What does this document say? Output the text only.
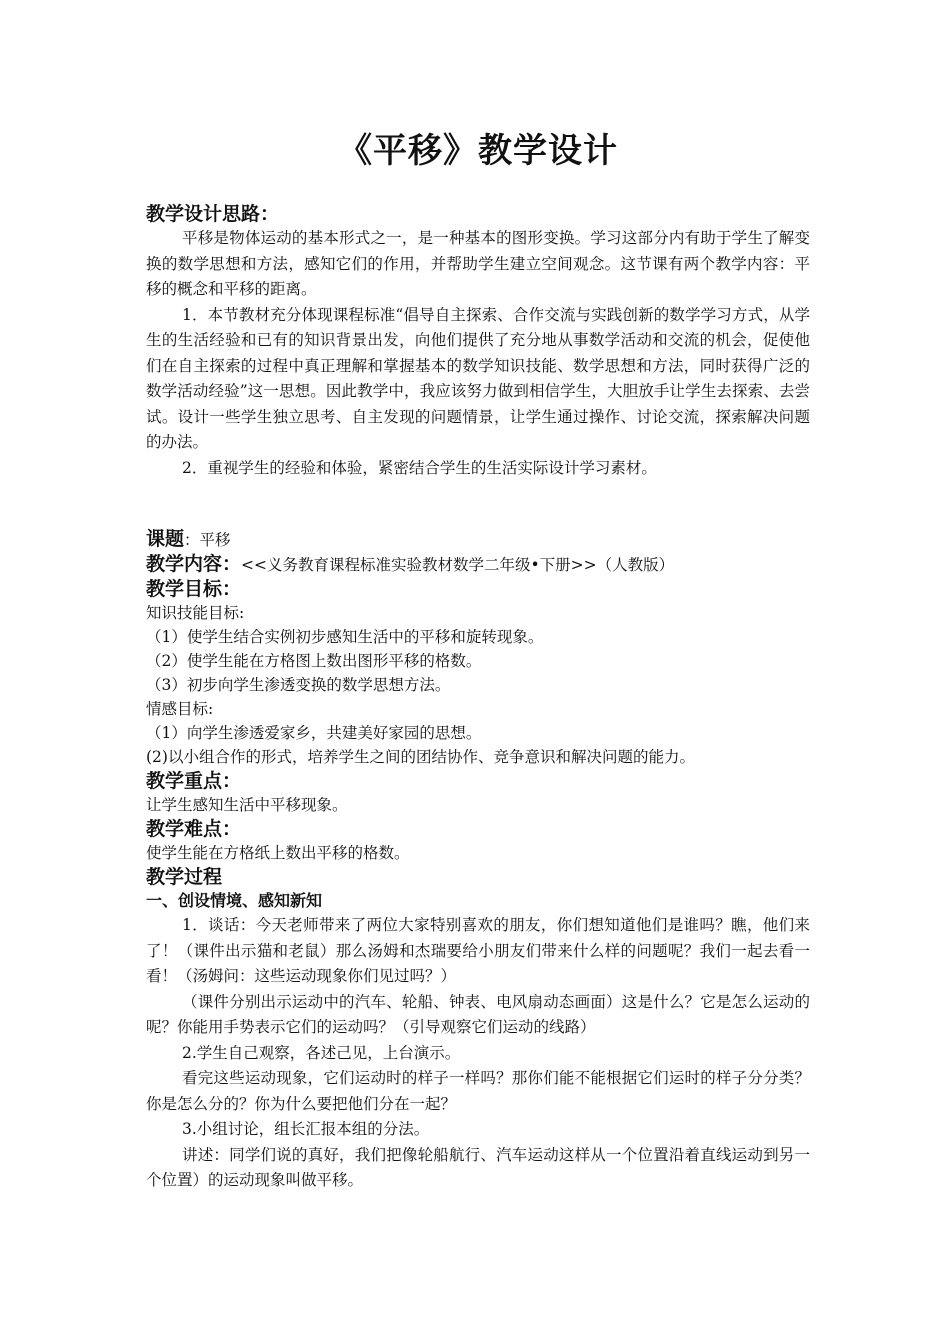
《平移》教学设计
教学设计思路：

平移是物体运动的基本形式之一，是一种基本的图形变换。学习这部分内有助于学生了解变换的数学思想和方法，感知它们的作用，并帮助学生建立空间观念。这节课有两个教学内容：平移的概念和平移的距离。

1．本节教材充分体现课程标准“倡导自主探索、合作交流与实践创新的数学学习方式，从学生的生活经验和已有的知识背景出发，向他们提供了充分地从事数学活动和交流的机会，促使他们在自主探索的过程中真正理解和掌握基本的数学知识技能、数学思想和方法，同时获得广泛的数学活动经验”这一思想。因此教学中，我应该努力做到相信学生，大胆放手让学生去探索、去尝试。设计一些学生独立思考、自主发现的问题情景，让学生通过操作、讨论交流，探索解决问题的办法。

2．重视学生的经验和体验，紧密结合学生的生活实际设计学习素材。

课题：平移
教学内容：<<义务教育课程标准实验教材数学二年级•下册>>（人教版）
教学目标：
知识技能目标:
（1）使学生结合实例初步感知生活中的平移和旋转现象。
（2）使学生能在方格图上数出图形平移的格数。
（3）初步向学生渗透变换的数学思想方法。
情感目标:
（1）向学生渗透爱家乡，共建美好家园的思想。
(2)以小组合作的形式，培养学生之间的团结协作、竞争意识和解决问题的能力。
教学重点：
让学生感知生活中平移现象。
教学难点：
使学生能在方格纸上数出平移的格数。
教学过程
一、创设情境、感知新知

1．谈话：今天老师带来了两位大家特别喜欢的朋友，你们想知道他们是谁吗？瞧，他们来了！（课件出示猫和老鼠）那么汤姆和杰瑞要给小朋友们带来什么样的问题呢？我们一起去看一看！（汤姆问：这些运动现象你们见过吗？）

（课件分别出示运动中的汽车、轮船、钟表、电风扇动态画面）这是什么？它是怎么运动的呢？你能用手势表示它们的运动吗？（引导观察它们运动的线路）

2.学生自己观察，各述己见，上台演示。

看完这些运动现象，它们运动时的样子一样吗？那你们能不能根据它们运时的样子分分类？你是怎么分的？你为什么要把他们分在一起？

3.小组讨论，组长汇报本组的分法。

讲述：同学们说的真好，我们把像轮船航行、汽车运动这样从一个位置沿着直线运动到另一个位置）的运动现象叫做平移。
